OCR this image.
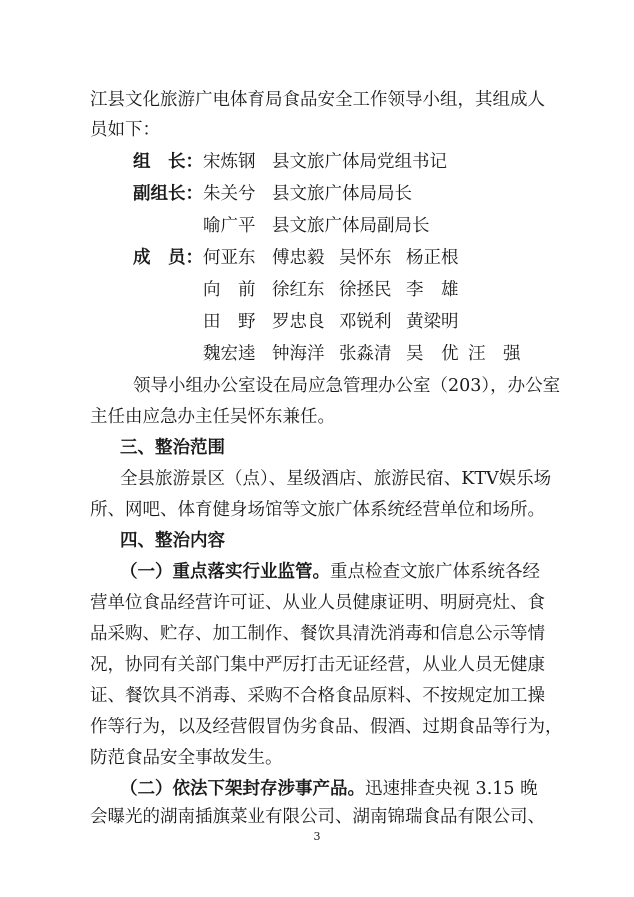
江县文化旅游广电体育局食品安全工作领导小组，其组成人
员如下：
组　长： 宋炼钢 县文旅广体局党组书记
副组长： 朱关兮 县文旅广体局局长
喻广平 县文旅广体局副局长
成　员： 何亚东 傅忠毅 吴怀东 杨正根
向　前 徐红东 徐拯民 李　雄
田　野 罗忠良 邓锐利 黄梁明
魏宏逵 钟海洋 张淼清 吴　优 汪　强
领导小组办公室设在局应急管理办公室（203），办公室
主任由应急办主任吴怀东兼任。
三、整治范围
全县旅游景区（点）、星级酒店、旅游民宿、KTV娱乐场
所、网吧、体育健身场馆等文旅广体系统经营单位和场所。
四、整治内容
（一）重点落实行业监管。重点检查文旅广体系统各经
营单位食品经营许可证、从业人员健康证明、明厨亮灶、食
品采购、贮存、加工制作、餐饮具清洗消毒和信息公示等情
况，协同有关部门集中严厉打击无证经营，从业人员无健康
证、餐饮具不消毒、采购不合格食品原料、不按规定加工操
作等行为，以及经营假冒伪劣食品、假酒、过期食品等行为，
防范食品安全事故发生。
（二）依法下架封存涉事产品。迅速排查央视 3.15 晚
会曝光的湖南插旗菜业有限公司、湖南锦瑞食品有限公司、
3
